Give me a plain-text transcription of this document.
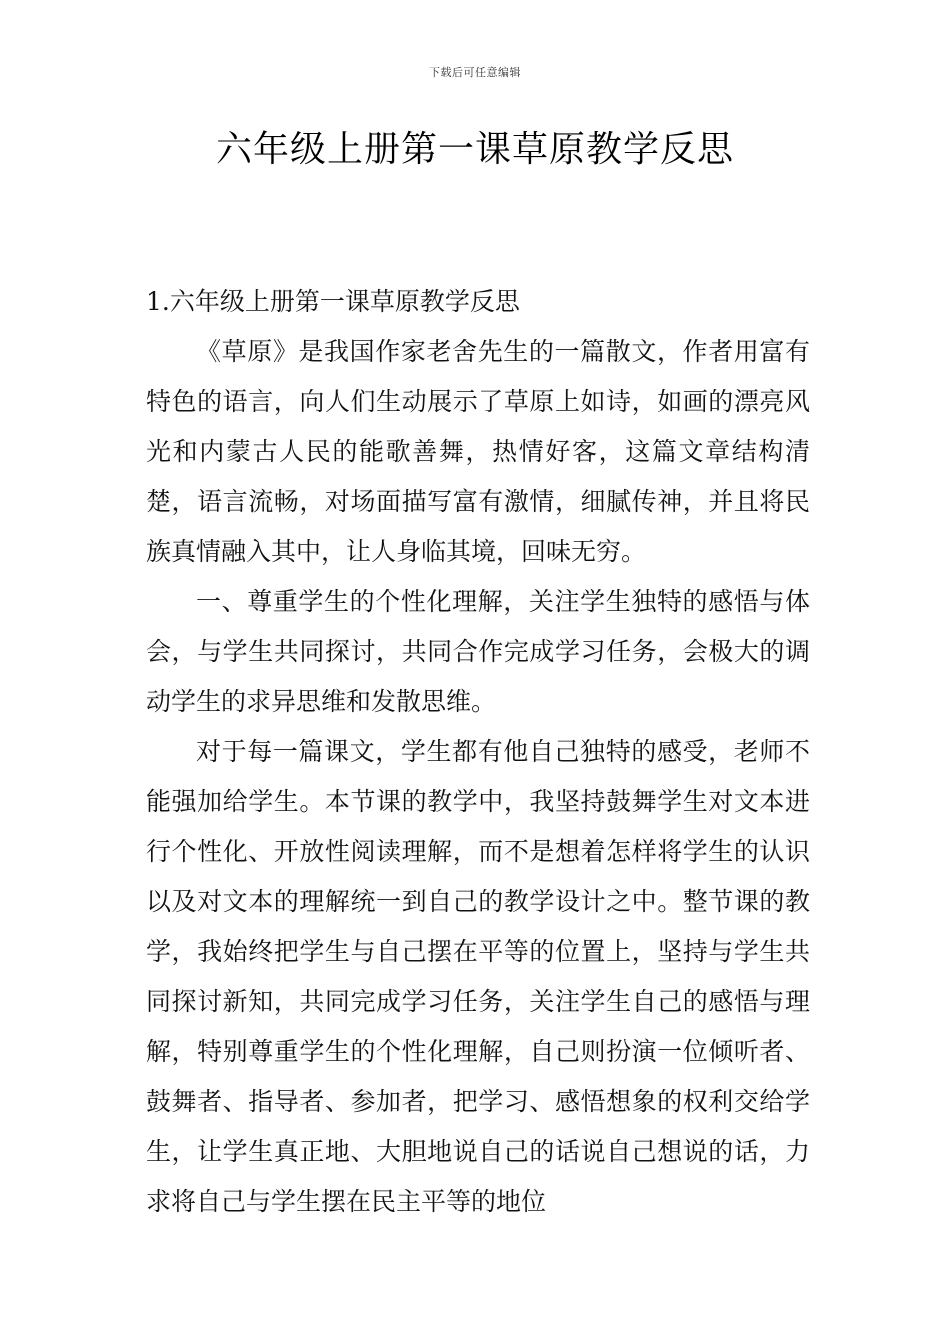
下载后可任意编辑
六年级上册第一课草原教学反思

1.六年级上册第一课草原教学反思

《草原》是我国作家老舍先生的一篇散文，作者用富有特色的语言，向人们生动展示了草原上如诗，如画的漂亮风光和内蒙古人民的能歌善舞，热情好客，这篇文章结构清楚，语言流畅，对场面描写富有激情，细腻传神，并且将民族真情融入其中，让人身临其境，回味无穷。

一、尊重学生的个性化理解，关注学生独特的感悟与体会，与学生共同探讨，共同合作完成学习任务，会极大的调动学生的求异思维和发散思维。

对于每一篇课文，学生都有他自己独特的感受，老师不能强加给学生。本节课的教学中，我坚持鼓舞学生对文本进行个性化、开放性阅读理解，而不是想着怎样将学生的认识以及对文本的理解统一到自己的教学设计之中。整节课的教学，我始终把学生与自己摆在平等的位置上，坚持与学生共同探讨新知，共同完成学习任务，关注学生自己的感悟与理解，特别尊重学生的个性化理解，自己则扮演一位倾听者、鼓舞者、指导者、参加者，把学习、感悟想象的权利交给学生，让学生真正地、大胆地说自己的话说自己想说的话，力求将自己与学生摆在民主平等的地位
